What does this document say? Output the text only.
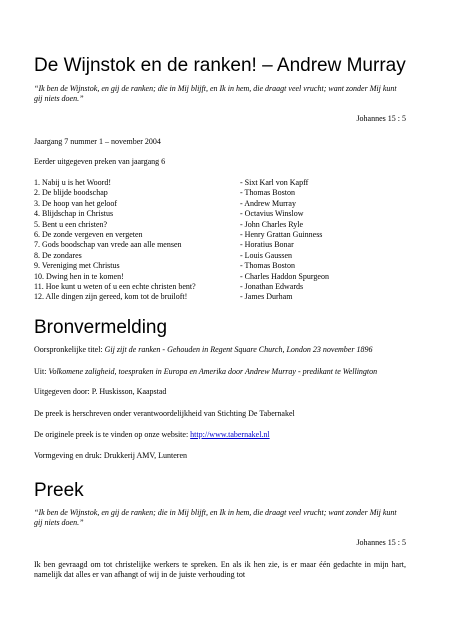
De Wijnstok en de ranken! – Andrew Murray
“Ik ben de Wijnstok, en gij de ranken; die in Mij blijft, en Ik in hem, die draagt veel vrucht; want zonder Mij kunt gij niets doen.”
Johannes 15 : 5
Jaargang 7 nummer 1 – november 2004
Eerder uitgegeven preken van jaargang 6
1. Nabij u is het Woord!	- Sixt Karl von Kapff
2. De blijde boodschap	- Thomas Boston
3. De hoop van het geloof	- Andrew Murray
4. Blijdschap in Christus	- Octavius Winslow
5. Bent u een christen?	- John Charles Ryle
6. De zonde vergeven en vergeten	- Henry Grattan Guinness
7. Gods boodschap van vrede aan alle mensen	- Horatius Bonar
8. De zondares	- Louis Gaussen
9. Vereniging met Christus	- Thomas Boston
10. Dwing hen in te komen!	- Charles Haddon Spurgeon
11. Hoe kunt u weten of u een echte christen bent?	- Jonathan Edwards
12. Alle dingen zijn gereed, kom tot de bruiloft!	- James Durham
Bronvermelding
Oorspronkelijke titel: Gij zijt de ranken - Gehouden in Regent Square Church, London 23 november 1896
Uit: Volkomene zaligheid, toespraken in Europa en Amerika door Andrew Murray - predikant te Wellington
Uitgegeven door: P. Huskisson, Kaapstad
De preek is herschreven onder verantwoordelijkheid van Stichting De Tabernakel
De originele preek is te vinden op onze website: http://www.tabernakel.nl
Vormgeving en druk: Drukkerij AMV, Lunteren
Preek
“Ik ben de Wijnstok, en gij de ranken; die in Mij blijft, en Ik in hem, die draagt veel vrucht; want zonder Mij kunt gij niets doen.”
Johannes 15 : 5
Ik ben gevraagd om tot christelijke werkers te spreken. En als ik hen zie, is er maar één gedachte in mijn hart, namelijk dat alles er van afhangt of wij in de juiste verhouding tot
